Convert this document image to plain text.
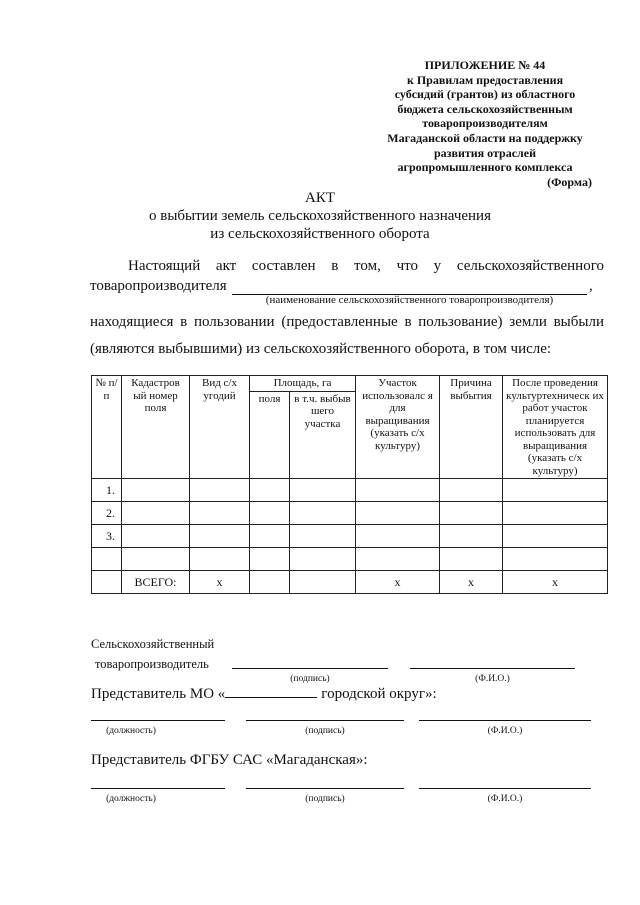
ПРИЛОЖЕНИЕ № 44
к Правилам предоставления
субсидий (грантов) из областного
бюджета сельскохозяйственным
товаропроизводителям
Магаданской области на поддержку
развития отраслей
агропромышленного комплекса
(Форма)
АКТ
о выбытии земель сельскохозяйственного назначения
из сельскохозяйственного оборота
Настоящий акт составлен в том, что у сельскохозяйственного
товаропроизводителя	,
(наименование сельскохозяйственного товаропроизводителя)
находящиеся в пользовании (предоставленные в пользование) земли выбыли
(являются выбывшими) из сельскохозяйственного оборота, в том числе:
№ п/п	Кадастров ый номер поля	Вид с/х угодий	Площадь, га		Участок использовалс я для выращивания (указать с/х культуру)	Причина выбытия	После проведения культуртехническ их работ участок планируется использовать для выращивания (указать с/х культуру)
			поля	в т.ч. выбыв шего участка			
1.							
2.							
3.							

	ВСЕГО:	х			х	х	х
Сельскохозяйственный
товаропроизводитель
(подпись)	(Ф.И.О.)
Представитель МО «	городской округ»:
(должность)	(подпись)	(Ф.И.О.)
Представитель ФГБУ САС «Магаданская»:
(должность)	(подпись)	(Ф.И.О.)
